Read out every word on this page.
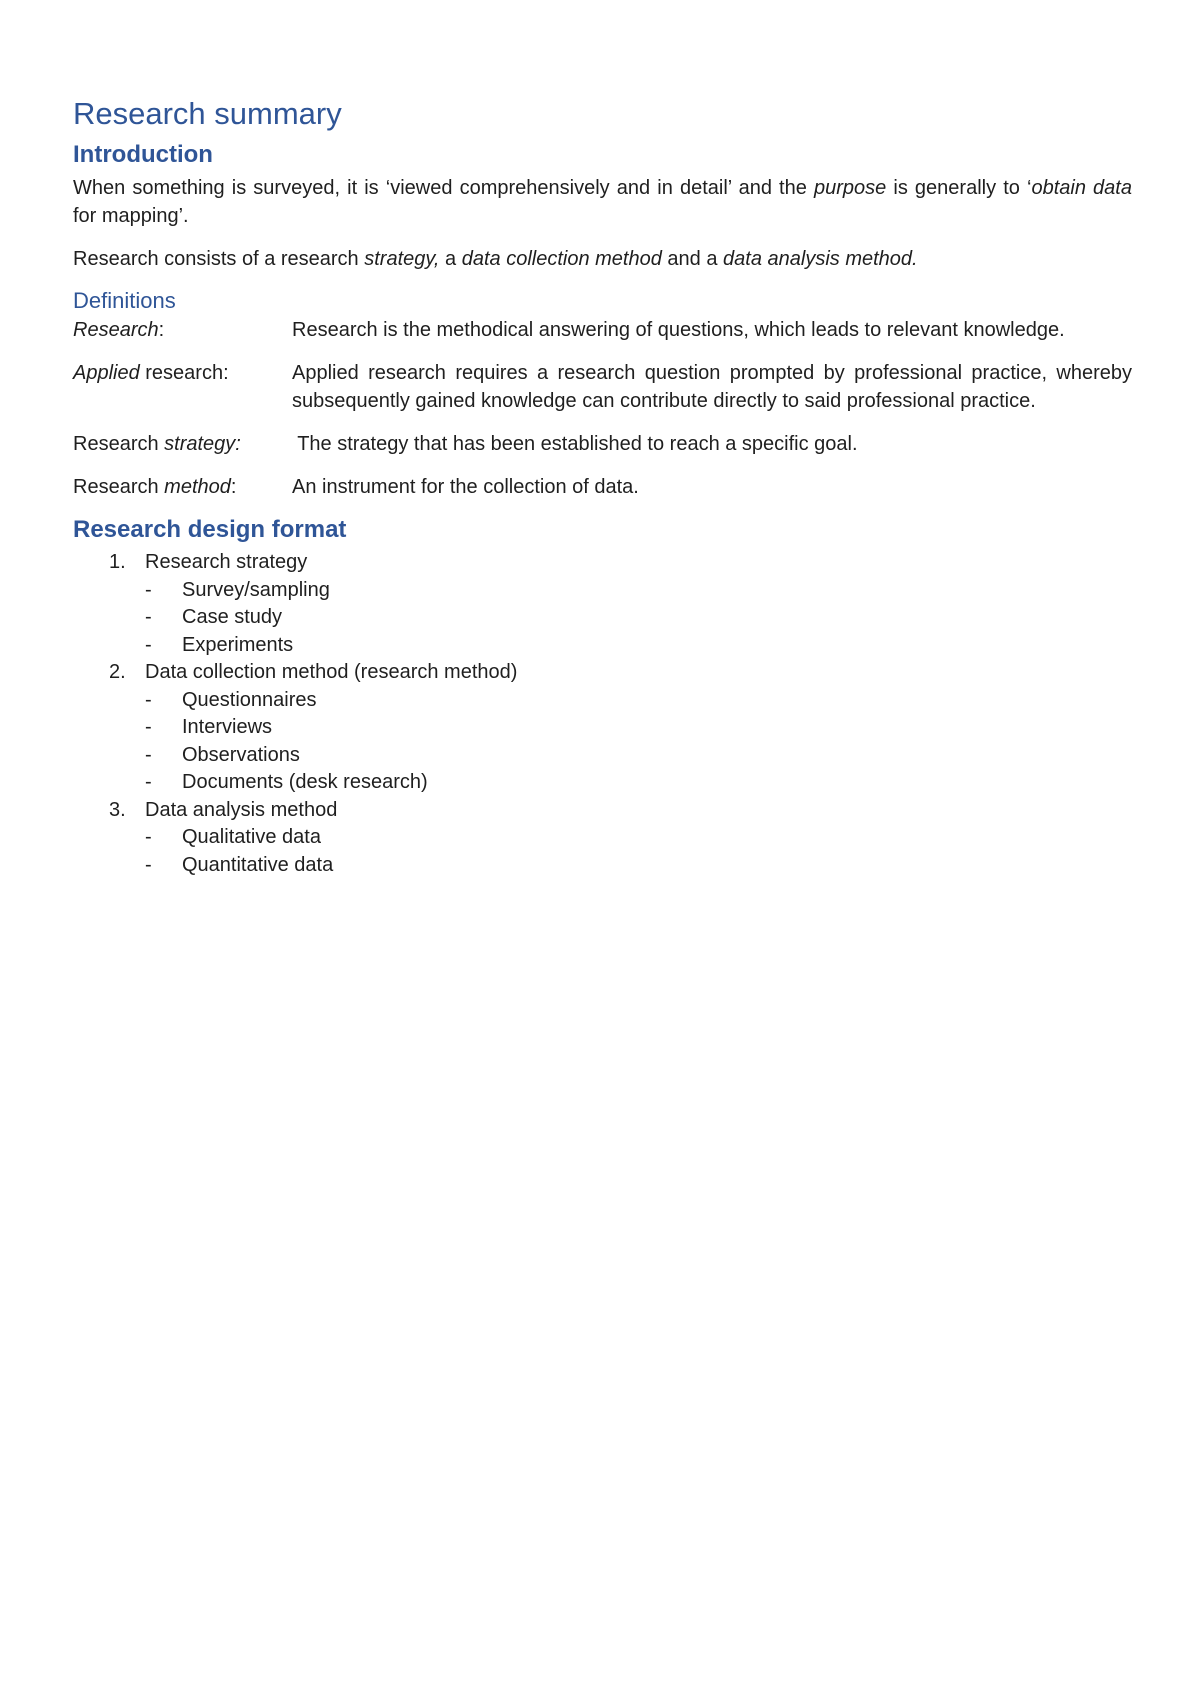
Research summary
Introduction

When something is surveyed, it is ‘viewed comprehensively and in detail’ and the purpose is generally to ‘obtain data for mapping’.

Research consists of a research strategy, a data collection method and a data analysis method.

Definitions
Research:	Research is the methodical answering of questions, which leads to relevant knowledge.
Applied research:	Applied research requires a research question prompted by professional practice, whereby subsequently gained knowledge can contribute directly to said professional practice.
Research strategy:	The strategy that has been established to reach a specific goal.
Research method:	An instrument for the collection of data.
Research design format
1. Research strategy
- Survey/sampling
- Case study
- Experiments
2. Data collection method (research method)
- Questionnaires
- Interviews
- Observations
- Documents (desk research)
3. Data analysis method
- Qualitative data
- Quantitative data
